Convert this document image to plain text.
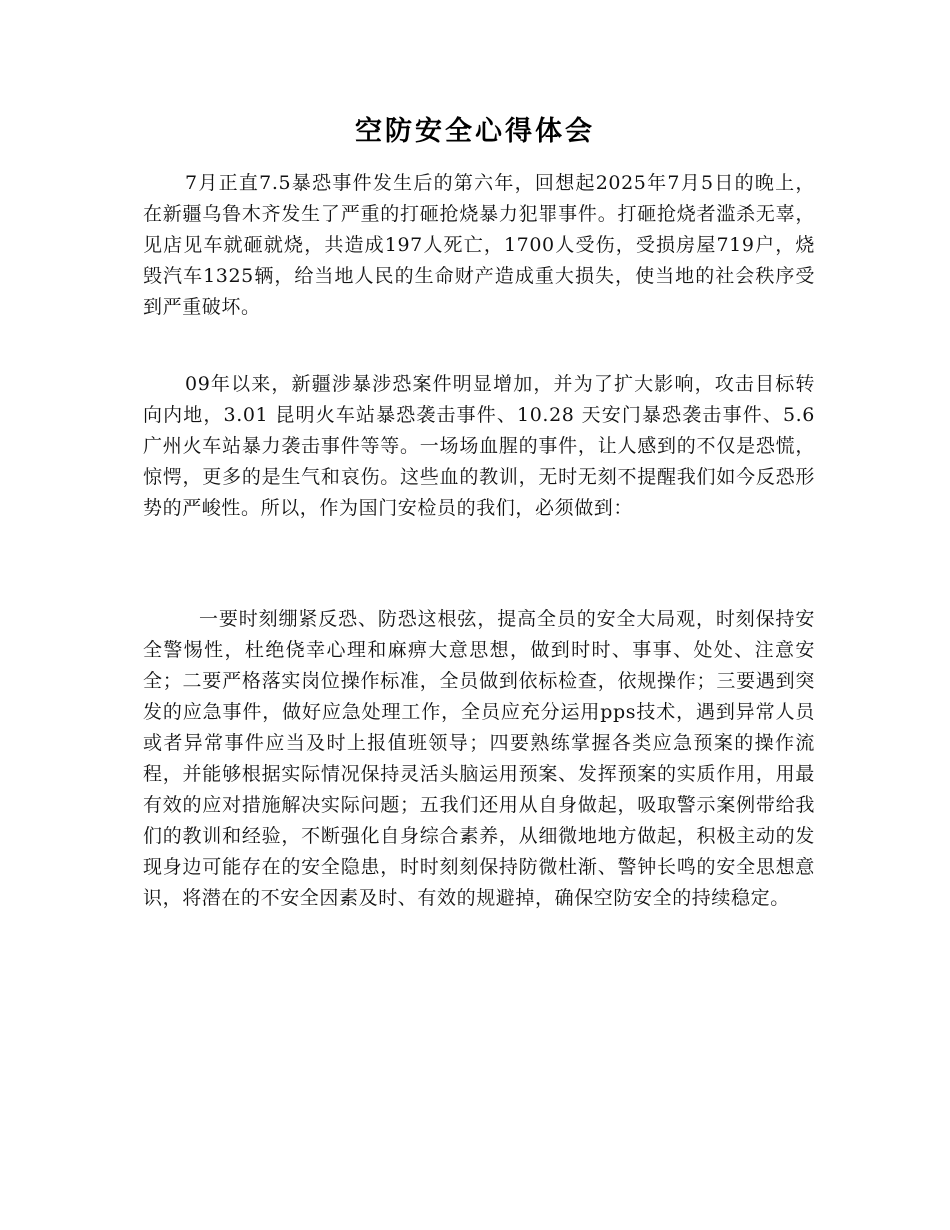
空防安全心得体会

7月正直7.5暴恐事件发生后的第六年，回想起2025年7月5日的晚上，在新疆乌鲁木齐发生了严重的打砸抢烧暴力犯罪事件。打砸抢烧者滥杀无辜，见店见车就砸就烧，共造成197人死亡，1700人受伤，受损房屋719户，烧毁汽车1325辆，给当地人民的生命财产造成重大损失，使当地的社会秩序受到严重破坏。

09年以来，新疆涉暴涉恐案件明显增加，并为了扩大影响，攻击目标转向内地，3.01 昆明火车站暴恐袭击事件、10.28 天安门暴恐袭击事件、5.6广州火车站暴力袭击事件等等。一场场血腥的事件，让人感到的不仅是恐慌，惊愕，更多的是生气和哀伤。这些血的教训，无时无刻不提醒我们如今反恐形势的严峻性。所以，作为国门安检员的我们，必须做到：

一要时刻绷紧反恐、防恐这根弦，提高全员的安全大局观，时刻保持安全警惕性，杜绝侥幸心理和麻痹大意思想，做到时时、事事、处处、注意安全；二要严格落实岗位操作标准，全员做到依标检查，依规操作；三要遇到突发的应急事件，做好应急处理工作，全员应充分运用pps技术，遇到异常人员或者异常事件应当及时上报值班领导；四要熟练掌握各类应急预案的操作流程，并能够根据实际情况保持灵活头脑运用预案、发挥预案的实质作用，用最有效的应对措施解决实际问题；五我们还用从自身做起，吸取警示案例带给我们的教训和经验，不断强化自身综合素养，从细微地地方做起，积极主动的发现身边可能存在的安全隐患，时时刻刻保持防微杜渐、警钟长鸣的安全思想意识，将潜在的不安全因素及时、有效的规避掉，确保空防安全的持续稳定。
